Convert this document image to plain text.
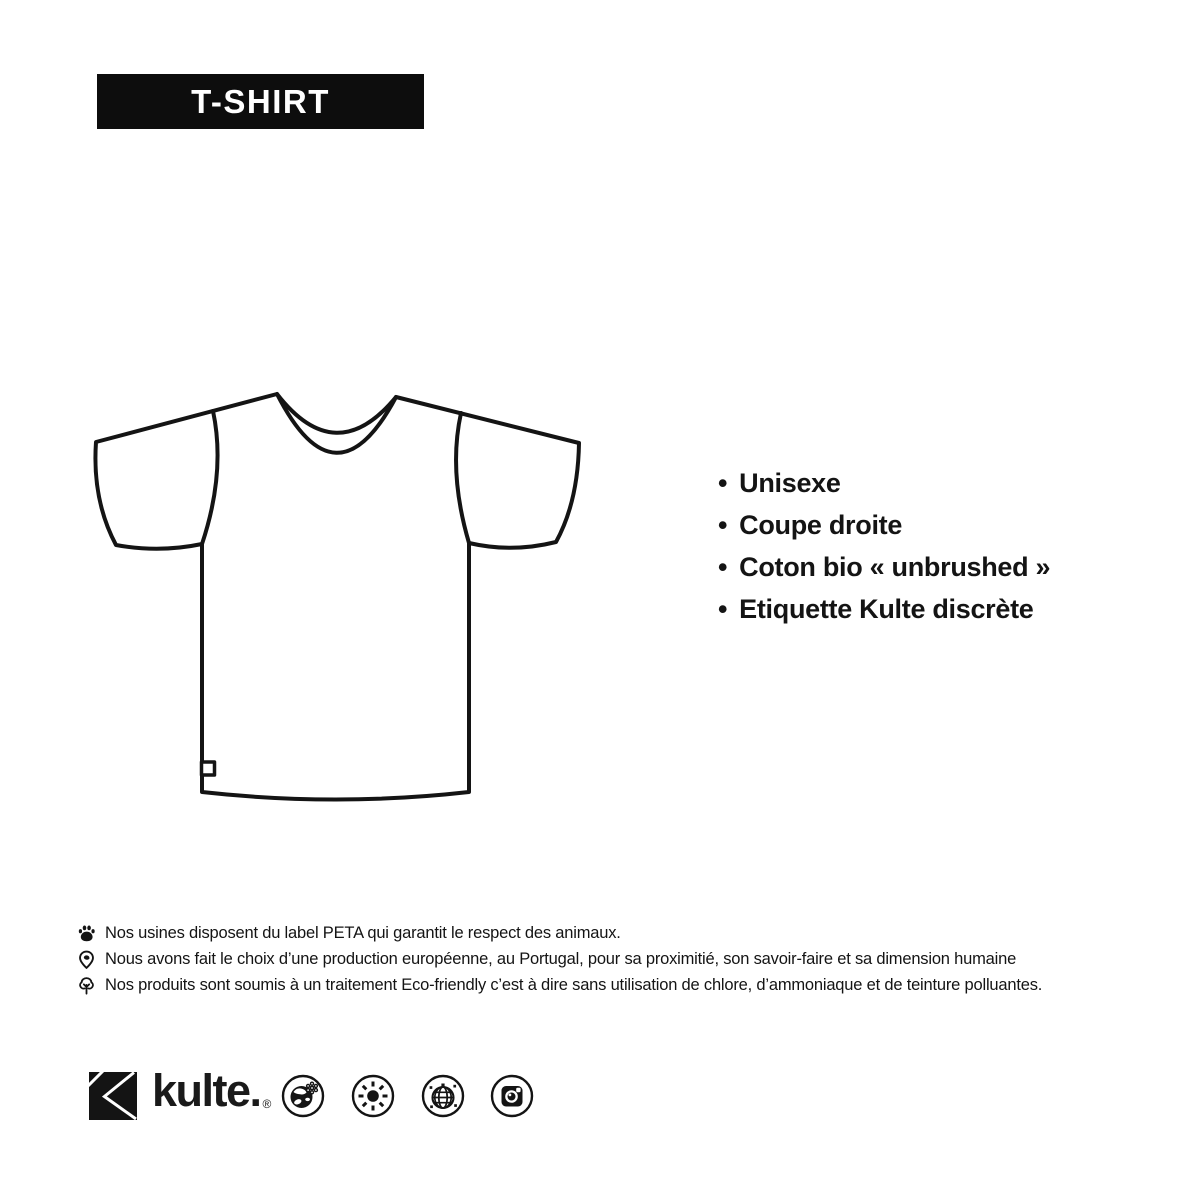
T-SHIRT
• Unisexe
• Coupe droite
• Coton bio « unbrushed »
• Etiquette Kulte discrète
Nos usines disposent du label PETA qui garantit le respect des animaux.
Nous avons fait le choix d’une production européenne, au Portugal, pour sa proximitié, son savoir-faire et sa dimension humaine
Nos produits sont soumis à un traitement Eco-friendly c’est à dire sans utilisation de chlore, d’ammoniaque et de teinture polluantes.
kulte. ®
